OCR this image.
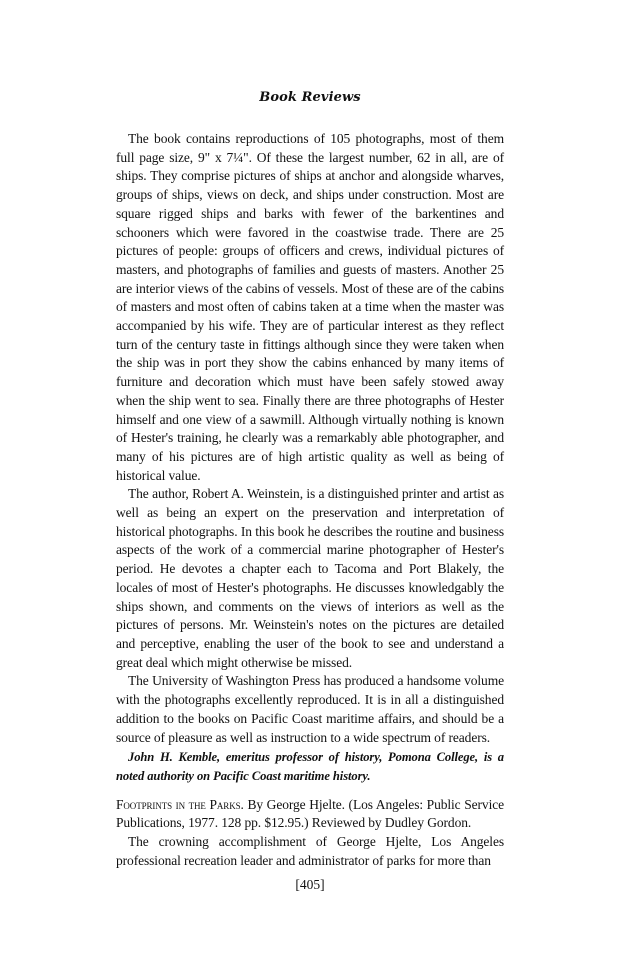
Book Reviews

The book contains reproductions of 105 photographs, most of them full page size, 9" x 7¼". Of these the largest number, 62 in all, are of ships. They comprise pictures of ships at anchor and alongside wharves, groups of ships, views on deck, and ships under construction. Most are square rigged ships and barks with fewer of the barkentines and schooners which were favored in the coastwise trade. There are 25 pictures of people: groups of officers and crews, individual pictures of masters, and photographs of families and guests of masters. Another 25 are interior views of the cabins of vessels. Most of these are of the cabins of masters and most often of cabins taken at a time when the master was accompanied by his wife. They are of particular interest as they reflect turn of the century taste in fittings although since they were taken when the ship was in port they show the cabins enhanced by many items of furniture and decoration which must have been safely stowed away when the ship went to sea. Finally there are three photographs of Hester himself and one view of a sawmill. Although virtually nothing is known of Hester's training, he clearly was a remarkably able photographer, and many of his pictures are of high artistic quality as well as being of historical value.

The author, Robert A. Weinstein, is a distinguished printer and artist as well as being an expert on the preservation and interpretation of historical photographs. In this book he describes the routine and business aspects of the work of a commercial marine photographer of Hester's period. He devotes a chapter each to Tacoma and Port Blakely, the locales of most of Hester's photographs. He discusses knowledgably the ships shown, and comments on the views of interiors as well as the pictures of persons. Mr. Weinstein's notes on the pictures are detailed and perceptive, enabling the user of the book to see and understand a great deal which might otherwise be missed.

The University of Washington Press has produced a handsome volume with the photographs excellently reproduced. It is in all a distinguished addition to the books on Pacific Coast maritime affairs, and should be a source of pleasure as well as instruction to a wide spectrum of readers.

John H. Kemble, emeritus professor of history, Pomona College, is a noted authority on Pacific Coast maritime history.

Footprints in the Parks. By George Hjelte. (Los Angeles: Public Service Publications, 1977. 128 pp. $12.95.) Reviewed by Dudley Gordon.

The crowning accomplishment of George Hjelte, Los Angeles professional recreation leader and administrator of parks for more than

[405]
